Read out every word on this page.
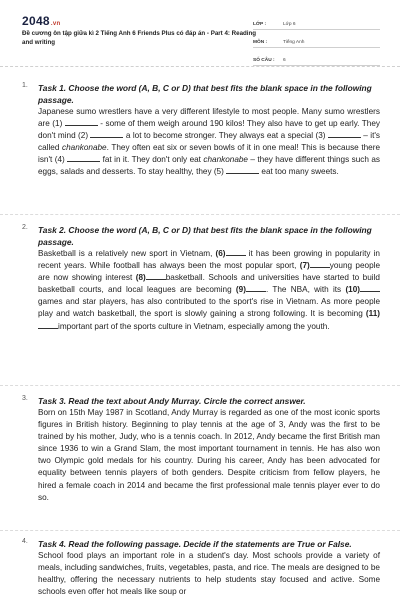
2048.vn
Đề cương ôn tập giữa kì 2 Tiếng Anh 6 Friends Plus có đáp án - Part 4: Reading and writing
LỚP :	Lớp 6
MÔN :	Tiếng Anh
SỐ CÂU : 6
1. Task 1. Choose the word (A, B, C or D) that best fits the blank space in the following passage.
Japanese sumo wrestlers have a very different lifestyle to most people. Many sumo wrestlers are (1)	- some of them weigh around 190 kilos! They also have to get up early. They don't mind (2)	a lot to become stronger. They always eat a special (3)	– it's called chankonabe. They often eat six or seven bowls of it in one meal! This is because there isn't (4)	fat in it. They don't only eat chankonabe – they have different things such as eggs, salads and desserts. To stay healthy, they (5)	eat too many sweets.
2. Task 2. Choose the word (A, B, C or D) that best fits the blank space in the following passage.
Basketball is a relatively new sport in Vietnam, (6) it has been growing in popularity in recent years. While football has always been the most popular sport, (7) young people are now showing interest (8) basketball. Schools and universities have started to build basketball courts, and local leagues are becoming (9) . The NBA, with its (10)games and star players, has also contributed to the sport's rise in Vietnam. As more people play and watch basketball, the sport is slowly gaining a strong following. It is becoming (11)important part of the sports culture in Vietnam, especially among the youth.
3. Task 3. Read the text about Andy Murray. Circle the correct answer.
Born on 15th May 1987 in Scotland, Andy Murray is regarded as one of the most iconic sports figures in British history. Beginning to play tennis at the age of 3, Andy was the first to be trained by his mother, Judy, who is a tennis coach. In 2012, Andy became the first British man since 1936 to win a Grand Slam, the most important tournament in tennis. He has also won two Olympic gold medals for his country. During his career, Andy has been advocated for equality between tennis players of both genders. Despite criticism from fellow players, he hired a female coach in 2014 and became the first professional male tennis player ever to do so.
4. Task 4. Read the following passage. Decide if the statements are True or False.
School food plays an important role in a student's day. Most schools provide a variety of meals, including sandwiches, fruits, vegetables, pasta, and rice. The meals are designed to be healthy, offering the necessary nutrients to help students stay focused and active. Some schools even offer hot meals like soup or
